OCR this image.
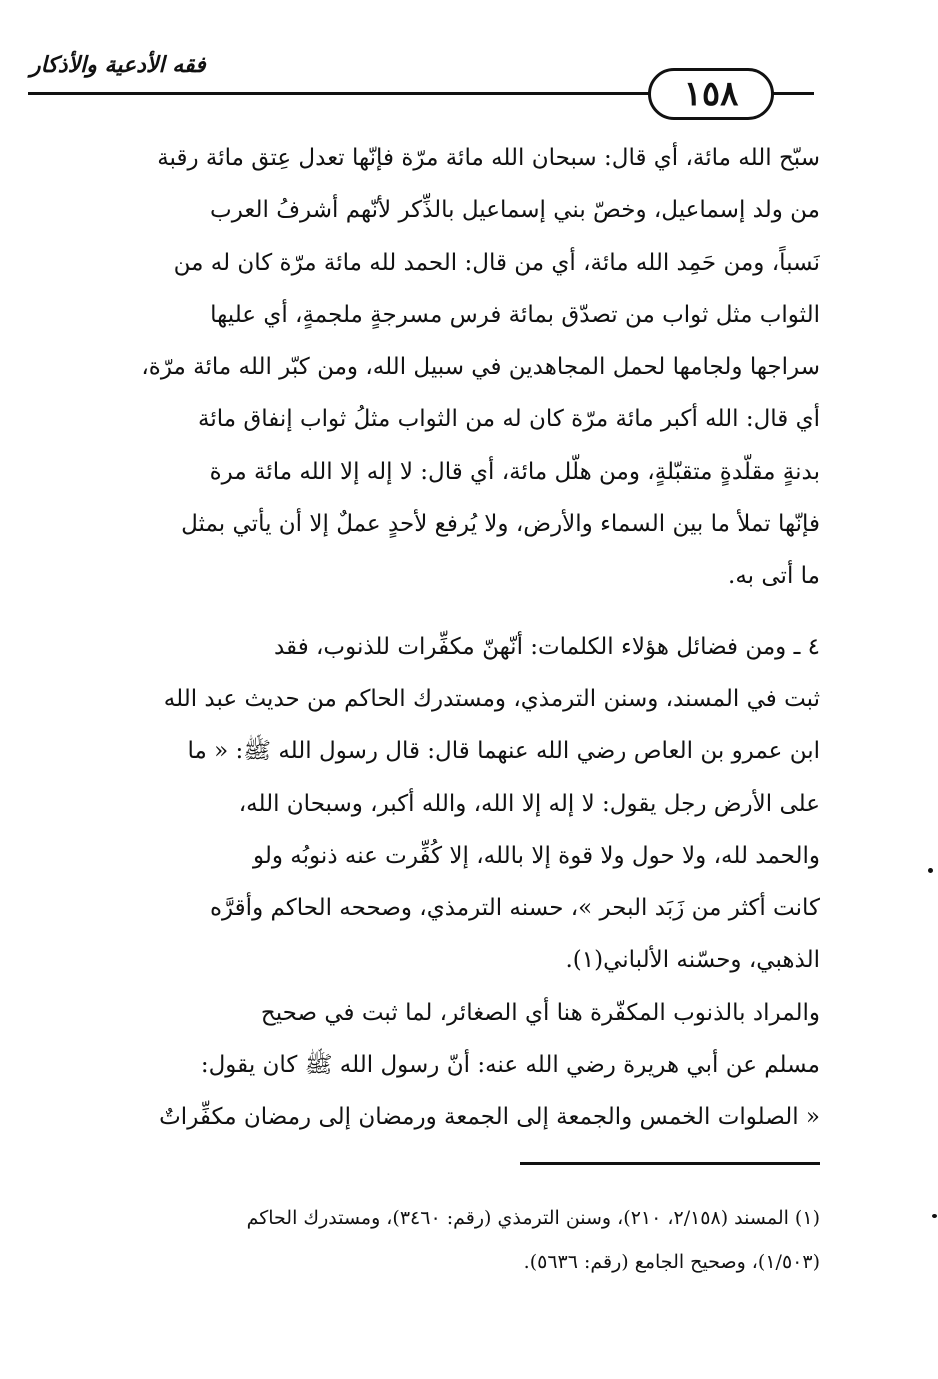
فقه الأدعية والأذكار
١٥٨
سبّح الله مائة، أي قال: سبحان الله مائة مرّة فإنّها تعدل عِتق مائة رقبة
من ولد إسماعيل، وخصّ بني إسماعيل بالذِّكر لأنّهم أشرفُ العرب
نَسباً، ومن حَمِد الله مائة، أي من قال: الحمد لله مائة مرّة كان له من
الثواب مثل ثواب من تصدّق بمائة فرس مسرجةٍ ملجمةٍ، أي عليها
سراجها ولجامها لحمل المجاهدين في سبيل الله، ومن كبّر الله مائة مرّة،
أي قال: الله أكبر مائة مرّة كان له من الثواب مثلُ ثواب إنفاق مائة
بدنةٍ مقلّدةٍ متقبّلةٍ، ومن هلّل مائة، أي قال: لا إله إلا الله مائة مرة
فإنّها تملأ ما بين السماء والأرض، ولا يُرفع لأحدٍ عملٌ إلا أن يأتي بمثل
ما أتى به.
٤ ـ ومن فضائل هؤلاء الكلمات: أنّهنّ مكفِّرات للذنوب، فقد
ثبت في المسند، وسنن الترمذي، ومستدرك الحاكم من حديث عبد الله
ابن عمرو بن العاص رضي الله عنهما قال: قال رسول الله ﷺ: « ما
على الأرض رجل يقول: لا إله إلا الله، والله أكبر، وسبحان الله،
والحمد لله، ولا حول ولا قوة إلا بالله، إلا كُفِّرت عنه ذنوبُه ولو
كانت أكثر من زَبَد البحر »، حسنه الترمذي، وصححه الحاكم وأقرَّه
الذهبي، وحسّنه الألباني(١).
والمراد بالذنوب المكفّرة هنا أي الصغائر، لما ثبت في صحيح
مسلم عن أبي هريرة رضي الله عنه: أنّ رسول الله ﷺ كان يقول:
« الصلوات الخمس والجمعة إلى الجمعة ورمضان إلى رمضان مكفِّراتٌ
(١) المسند (٢/١٥٨، ٢١٠)، وسنن الترمذي (رقم: ٣٤٦٠)، ومستدرك الحاكم
(١/٥٠٣)، وصحيح الجامع (رقم: ٥٦٣٦).
